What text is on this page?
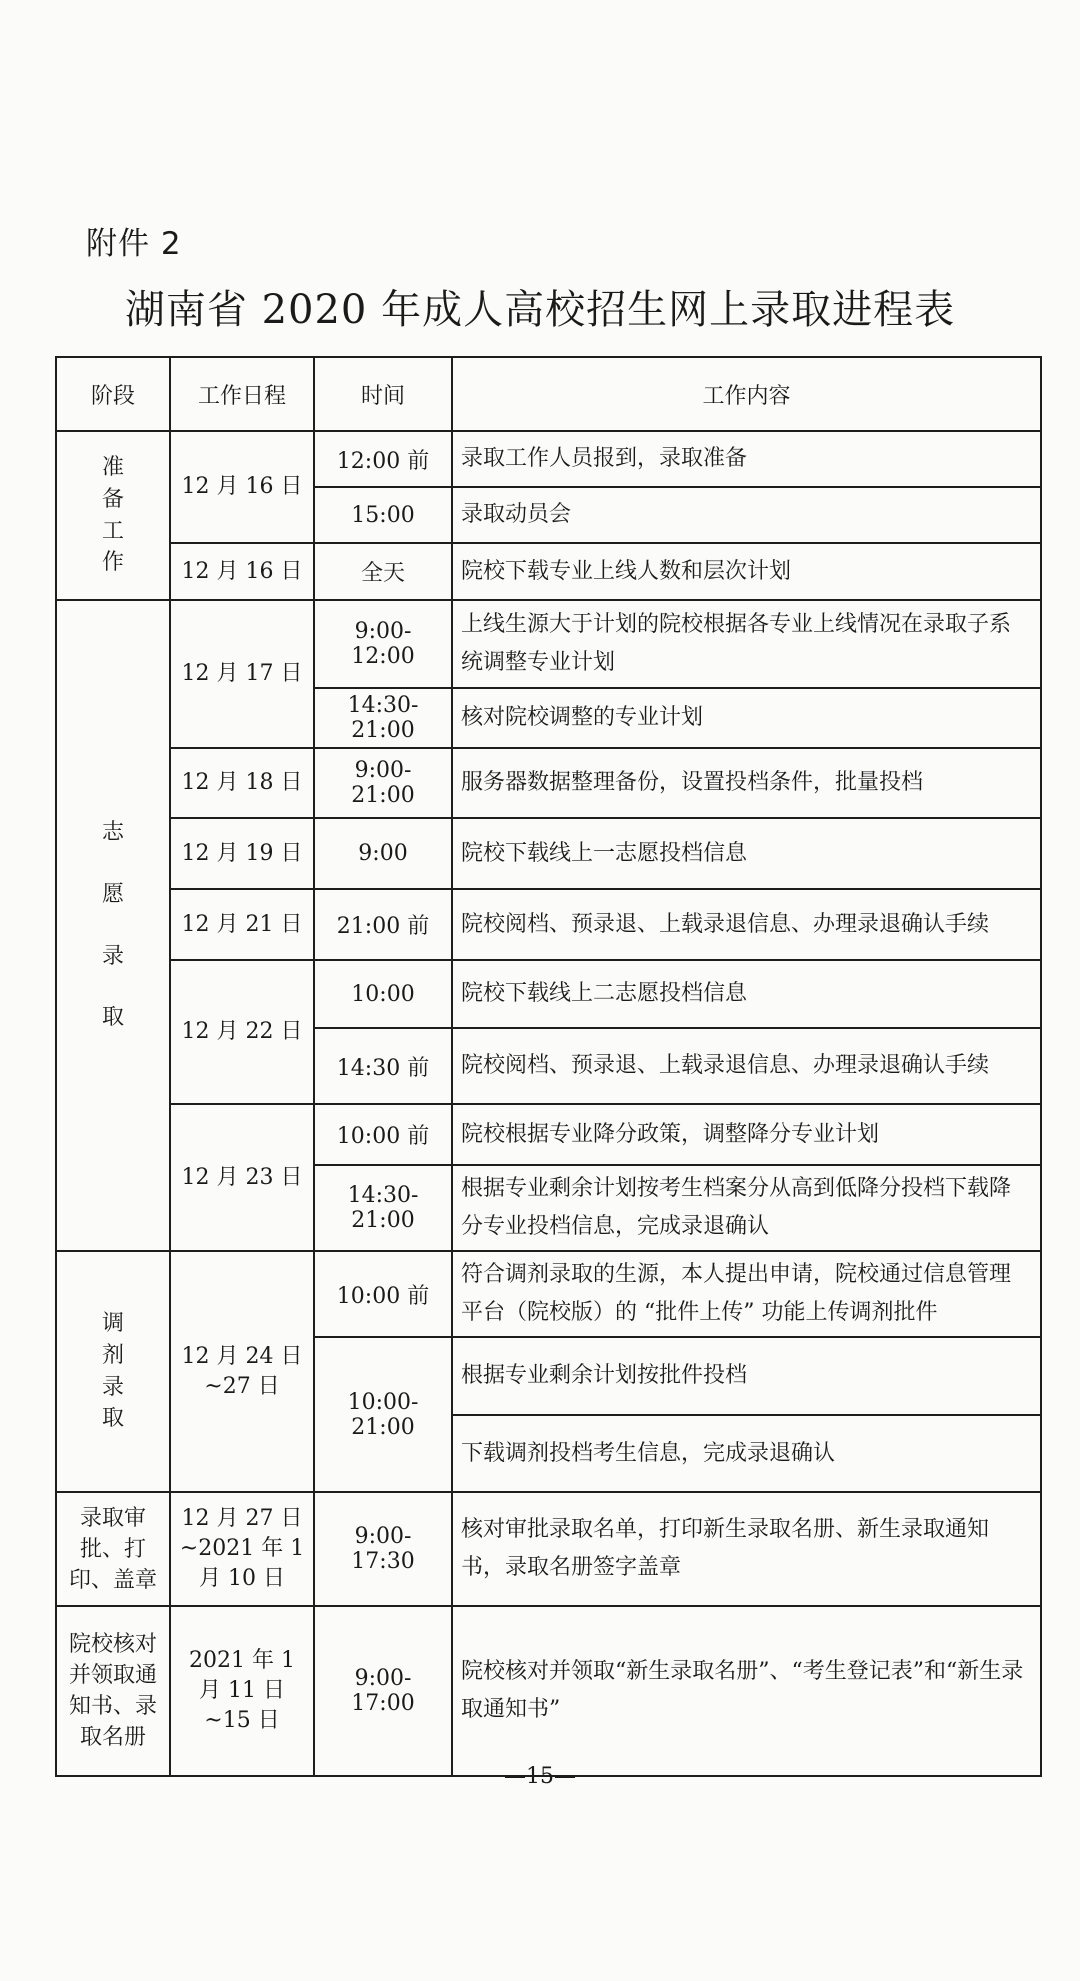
附件 2
湖南省 2020 年成人高校招生网上录取进程表
阶段	工作日程	时间	工作内容
准备工作	12 月 16 日	12:00 前	录取工作人员报到，录取准备
		15:00	录取动员会
	12 月 16 日	全天	院校下载专业上线人数和层次计划
志愿录取	12 月 17 日	9:00-12:00	上线生源大于计划的院校根据各专业上线情况在录取子系统调整专业计划
		14:30-21:00	核对院校调整的专业计划
	12 月 18 日	9:00-21:00	服务器数据整理备份，设置投档条件，批量投档
	12 月 19 日	9:00	院校下载线上一志愿投档信息
	12 月 21 日	21:00 前	院校阅档、预录退、上载录退信息、办理录退确认手续
	12 月 22 日	10:00	院校下载线上二志愿投档信息
		14:30 前	院校阅档、预录退、上载录退信息、办理录退确认手续
	12 月 23 日	10:00 前	院校根据专业降分政策，调整降分专业计划
		14:30-21:00	根据专业剩余计划按考生档案分从高到低降分投档下载降分专业投档信息，完成录退确认
调剂录取	12 月 24 日~27 日	10:00 前	符合调剂录取的生源，本人提出申请，院校通过信息管理平台（院校版）的 “批件上传” 功能上传调剂批件
		10:00-21:00	根据专业剩余计划按批件投档
			下载调剂投档考生信息，完成录退确认
录取审批、打印、盖章	12 月 27 日~2021 年 1 月 10 日	9:00-17:30	核对审批录取名单，打印新生录取名册、新生录取通知书，录取名册签字盖章
院校核对并领取通知书、录取名册	2021 年 1 月 11 日~15 日	9:00-17:00	院校核对并领取“新生录取名册”、“考生登记表”和“新生录取通知书”
—15—
